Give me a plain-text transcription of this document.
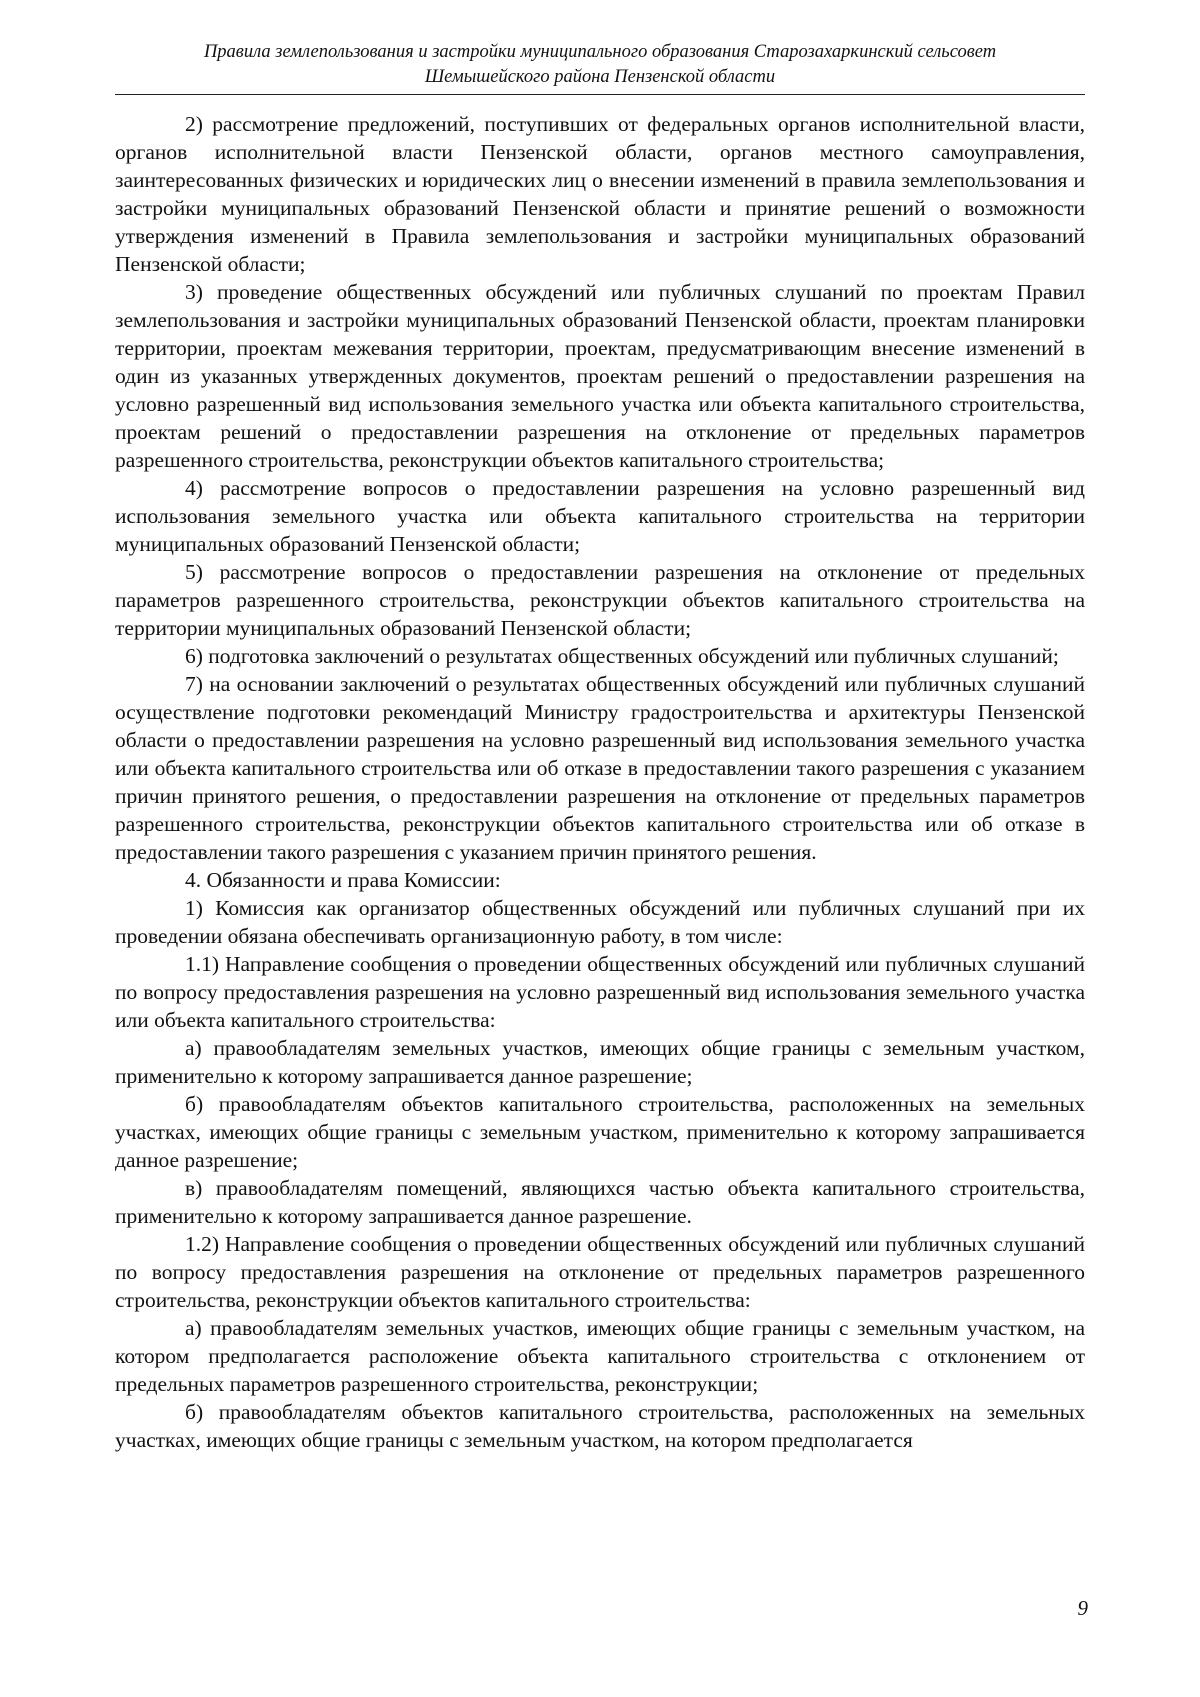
Правила землепользования и застройки муниципального образования Старозахаркинский сельсовет
Шемышейского района Пензенской области

2) рассмотрение предложений, поступивших от федеральных органов исполнительной власти, органов исполнительной власти Пензенской области, органов местного самоуправления, заинтересованных физических и юридических лиц о внесении изменений в правила землепользования и застройки муниципальных образований Пензенской области и принятие решений о возможности утверждения изменений в Правила землепользования и застройки муниципальных образований Пензенской области;

3) проведение общественных обсуждений или публичных слушаний по проектам Правил землепользования и застройки муниципальных образований Пензенской области, проектам планировки территории, проектам межевания территории, проектам, предусматривающим внесение изменений в один из указанных утвержденных документов, проектам решений о предоставлении разрешения на условно разрешенный вид использования земельного участка или объекта капитального строительства, проектам решений о предоставлении разрешения на отклонение от предельных параметров разрешенного строительства, реконструкции объектов капитального строительства;

4) рассмотрение вопросов о предоставлении разрешения на условно разрешенный вид использования земельного участка или объекта капитального строительства на территории муниципальных образований Пензенской области;

5) рассмотрение вопросов о предоставлении разрешения на отклонение от предельных параметров разрешенного строительства, реконструкции объектов капитального строительства на территории муниципальных образований Пензенской области;

6) подготовка заключений о результатах общественных обсуждений или публичных слушаний;

7) на основании заключений о результатах общественных обсуждений или публичных слушаний осуществление подготовки рекомендаций Министру градостроительства и архитектуры Пензенской области о предоставлении разрешения на условно разрешенный вид использования земельного участка или объекта капитального строительства или об отказе в предоставлении такого разрешения с указанием причин принятого решения, о предоставлении разрешения на отклонение от предельных параметров разрешенного строительства, реконструкции объектов капитального строительства или об отказе в предоставлении такого разрешения с указанием причин принятого решения.

4. Обязанности и права Комиссии:

1) Комиссия как организатор общественных обсуждений или публичных слушаний при их проведении обязана обеспечивать организационную работу, в том числе:

1.1) Направление сообщения о проведении общественных обсуждений или публичных слушаний по вопросу предоставления разрешения на условно разрешенный вид использования земельного участка или объекта капитального строительства:

а) правообладателям земельных участков, имеющих общие границы с земельным участком, применительно к которому запрашивается данное разрешение;

б) правообладателям объектов капитального строительства, расположенных на земельных участках, имеющих общие границы с земельным участком, применительно к которому запрашивается данное разрешение;

в) правообладателям помещений, являющихся частью объекта капитального строительства, применительно к которому запрашивается данное разрешение.

1.2) Направление сообщения о проведении общественных обсуждений или публичных слушаний по вопросу предоставления разрешения на отклонение от предельных параметров разрешенного строительства, реконструкции объектов капитального строительства:

а) правообладателям земельных участков, имеющих общие границы с земельным участком, на котором предполагается расположение объекта капитального строительства с отклонением от предельных параметров разрешенного строительства, реконструкции;

б) правообладателям объектов капитального строительства, расположенных на земельных участках, имеющих общие границы с земельным участком, на котором предполагается

9
